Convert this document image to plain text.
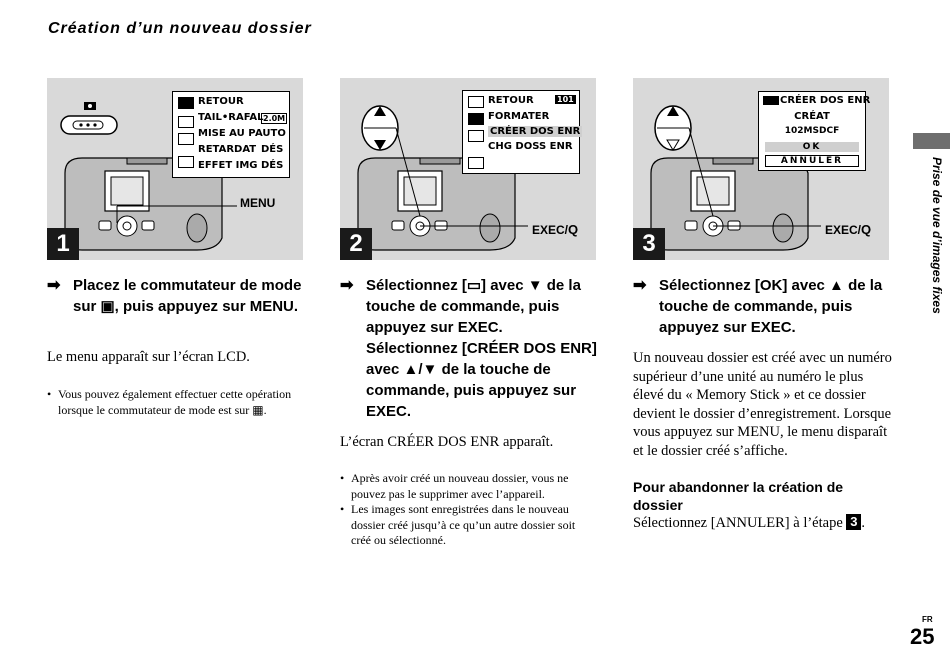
Création d’un nouveau dossier
RETOUR
TAIL•RAFAL 2.0M
MISE AU P AUTO
RETARDAT DÉS
EFFET IMG DÉS
MENU
1
RETOUR	101
FORMATER
CRÉER DOS ENR
CHG DOSS ENR
EXEC/Q
2
CRÉER DOS ENR
CRÉAT
102MSDCF
OK
ANNULER
EXEC/Q
3
➡ Placez le commutateur de mode sur ▣, puis appuyez sur MENU.
Le menu apparaît sur l’écran LCD.
• Vous pouvez également effectuer cette opération lorsque le commutateur de mode est sur ▦.
➡ Sélectionnez [▭] avec ▼ de la touche de commande, puis appuyez sur EXEC. Sélectionnez [CRÉER DOS ENR] avec ▲/▼ de la touche de commande, puis appuyez sur EXEC.
L’écran CRÉER DOS ENR apparaît.
• Après avoir créé un nouveau dossier, vous ne pouvez pas le supprimer avec l’appareil.
• Les images sont enregistrées dans le nouveau dossier créé jusqu’à ce qu’un autre dossier soit créé ou sélectionné.
➡ Sélectionnez [OK] avec ▲ de la touche de commande, puis appuyez sur EXEC.
Un nouveau dossier est créé avec un numéro supérieur d’une unité au numéro le plus élevé du « Memory Stick » et ce dossier devient le dossier d’enregistrement. Lorsque vous appuyez sur MENU, le menu disparaît et le dossier créé s’affiche.
Pour abandonner la création de dossier
Sélectionnez [ANNULER] à l’étape 3 .
Prise de vue d’images fixes
FR
25
